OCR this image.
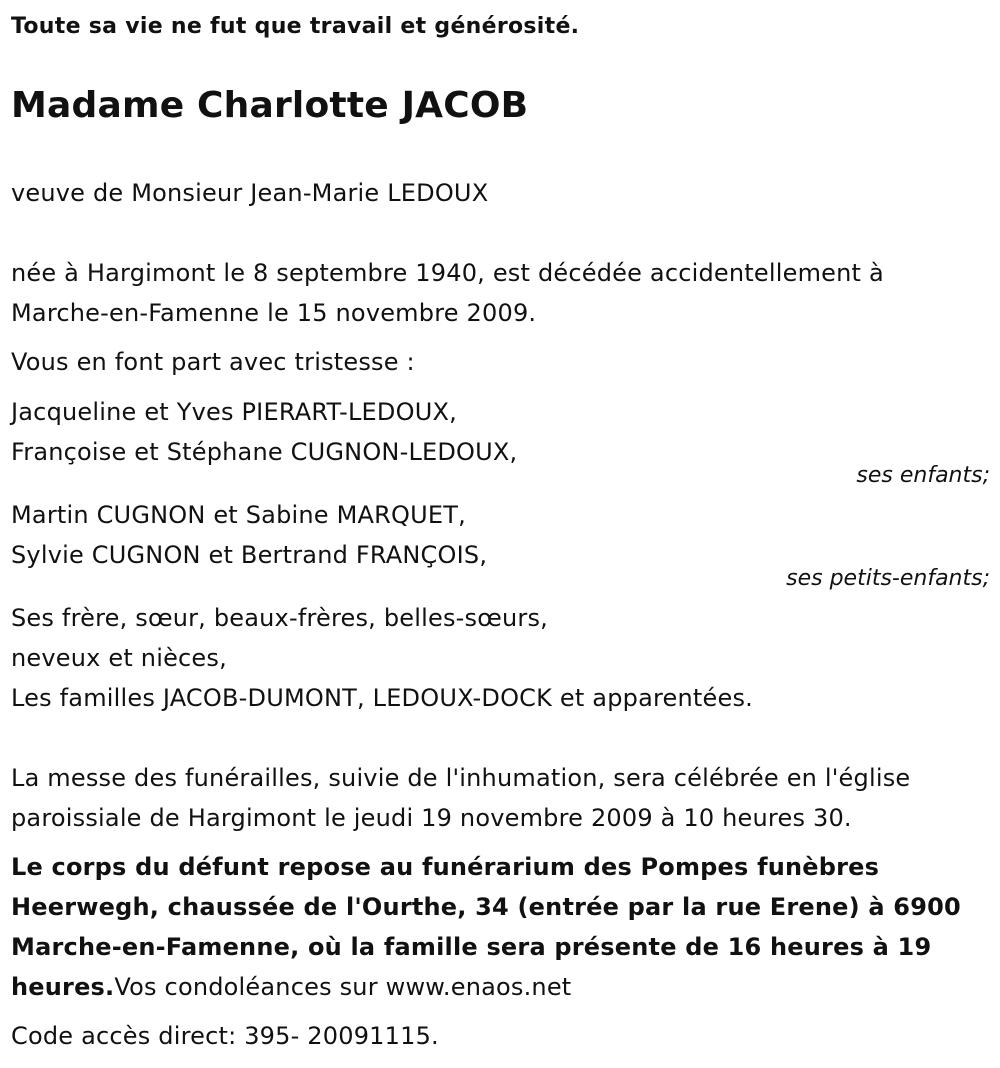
Toute sa vie ne fut que travail et générosité.
Madame Charlotte JACOB
veuve de Monsieur Jean-Marie LEDOUX
née à Hargimont le 8 septembre 1940, est décédée accidentellement à
Marche-en-Famenne le 15 novembre 2009.
Vous en font part avec tristesse :
Jacqueline et Yves PIERART-LEDOUX,
Françoise et Stéphane CUGNON-LEDOUX,
ses enfants;
Martin CUGNON et Sabine MARQUET,
Sylvie CUGNON et Bertrand FRANÇOIS,
ses petits-enfants;
Ses frère, sœur, beaux-frères, belles-sœurs,
neveux et nièces,
Les familles JACOB-DUMONT, LEDOUX-DOCK et apparentées.
La messe des funérailles, suivie de l'inhumation, sera célébrée en l'église
paroissiale de Hargimont le jeudi 19 novembre 2009 à 10 heures 30.
Le corps du défunt repose au funérarium des Pompes funèbres
Heerwegh, chaussée de l'Ourthe, 34 (entrée par la rue Erene) à 6900
Marche-en-Famenne, où la famille sera présente de 16 heures à 19
heures.Vos condoléances sur www.enaos.net
Code accès direct: 395- 20091115.
